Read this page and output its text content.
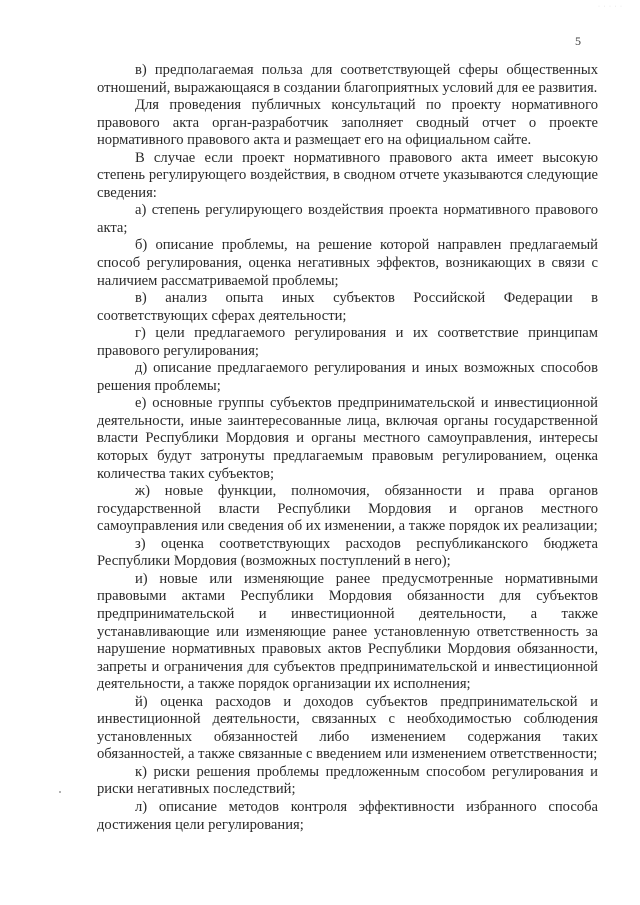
· · · · ·
5

в) предполагаемая польза для соответствующей сферы общественных отношений, выражающаяся в создании благоприятных условий для ее развития.

Для проведения публичных консультаций по проекту нормативного правового акта орган-разработчик заполняет сводный отчет о проекте нормативного правового акта и размещает его на официальном сайте.

В случае если проект нормативного правового акта имеет высокую степень регулирующего воздействия, в сводном отчете указываются следующие сведения:

а) степень регулирующего воздействия проекта нормативного правового акта;

б) описание проблемы, на решение которой направлен предлагаемый способ регулирования, оценка негативных эффектов, возникающих в связи с наличием рассматриваемой проблемы;

в) анализ опыта иных субъектов Российской Федерации в соответствующих сферах деятельности;

г) цели предлагаемого регулирования и их соответствие принципам правового регулирования;

д) описание предлагаемого регулирования и иных возможных способов решения проблемы;

е) основные группы субъектов предпринимательской и инвестиционной деятельности, иные заинтересованные лица, включая органы государственной власти Республики Мордовия и органы местного самоуправления, интересы которых будут затронуты предлагаемым правовым регулированием, оценка количества таких субъектов;

ж) новые функции, полномочия, обязанности и права органов государственной власти Республики Мордовия и органов местного самоуправления или сведения об их изменении, а также порядок их реализации;

з) оценка соответствующих расходов республиканского бюджета Республики Мордовия (возможных поступлений в него);

и) новые или изменяющие ранее предусмотренные нормативными правовыми актами Республики Мордовия обязанности для субъектов предпринимательской и инвестиционной деятельности, а также устанавливающие или изменяющие ранее установленную ответственность за нарушение нормативных правовых актов Республики Мордовия обязанности, запреты и ограничения для субъектов предпринимательской и инвестиционной деятельности, а также порядок организации их исполнения;

й) оценка расходов и доходов субъектов предпринимательской и инвестиционной деятельности, связанных с необходимостью соблюдения установленных обязанностей либо изменением содержания таких обязанностей, а также связанные с введением или изменением ответственности;

к) риски решения проблемы предложенным способом регулирования и риски негативных последствий;

л) описание методов контроля эффективности избранного способа достижения цели регулирования;
